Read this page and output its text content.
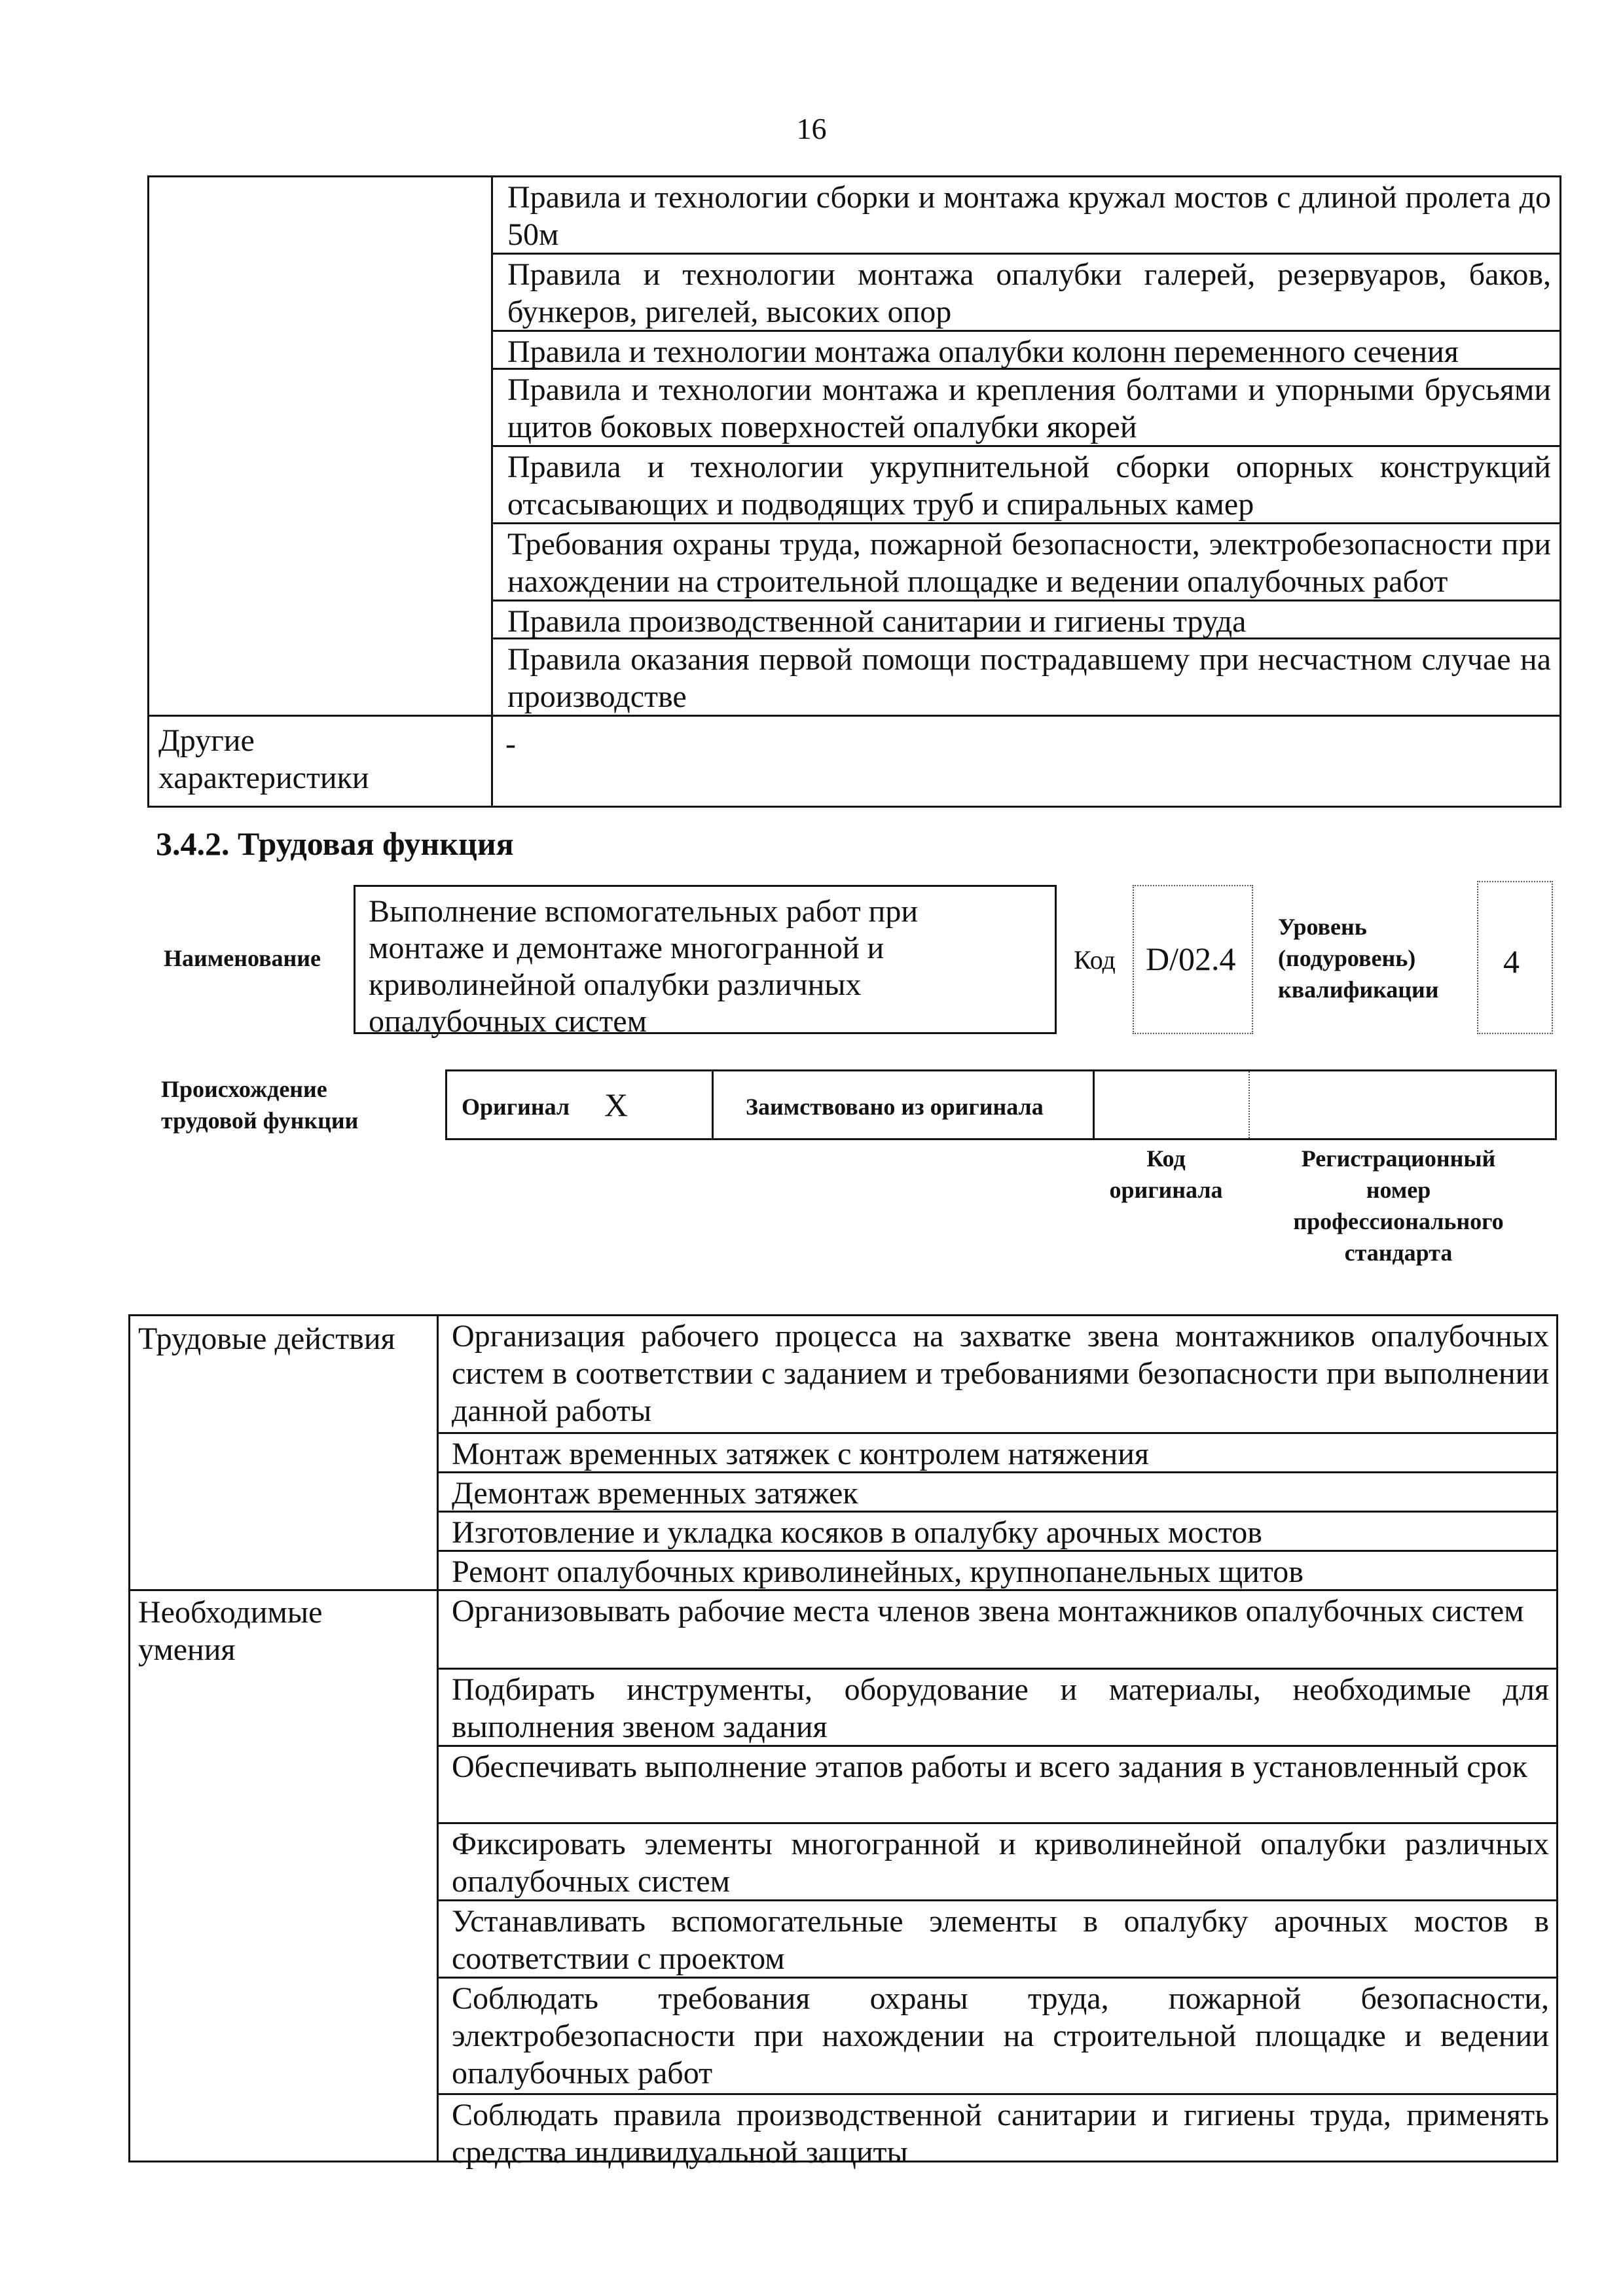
16
Правила и технологии сборки и монтажа кружал мостов с длиной пролета до 50м
Правила и технологии монтажа опалубки галерей, резервуаров, баков, бункеров, ригелей, высоких опор
Правила и технологии монтажа опалубки колонн переменного сечения
Правила и технологии монтажа и крепления болтами и упорными брусьями щитов боковых поверхностей опалубки якорей
Правила и технологии укрупнительной сборки опорных конструкций отсасывающих и подводящих труб и спиральных камер
Требования охраны труда, пожарной безопасности, электробезопасности при нахождении на строительной площадке и ведении опалубочных работ
Правила производственной санитарии и гигиены труда
Правила оказания первой помощи пострадавшему при несчастном случае на производстве
Другие характеристики
-
3.4.2. Трудовая функция
Наименование
Выполнение вспомогательных работ при монтаже и демонтаже многогранной и криволинейной опалубки различных опалубочных систем
Код D/02.4
Уровень (подуровень) квалификации
4
Происхождение трудовой функции
Оригинал X	Заимствовано из оригинала
Код оригинала
Регистрационный номер профессионального стандарта
Трудовые действия	Организация рабочего процесса на захватке звена монтажников опалубочных систем в соответствии с заданием и требованиями безопасности при выполнении данной работы
Монтаж временных затяжек с контролем натяжения
Демонтаж временных затяжек
Изготовление и укладка косяков в опалубку арочных мостов
Ремонт опалубочных криволинейных, крупнопанельных щитов
Необходимые умения
Организовывать рабочие места членов звена монтажников опалубочных систем
Подбирать инструменты, оборудование и материалы, необходимые для выполнения звеном задания
Обеспечивать выполнение этапов работы и всего задания в установленный срок
Фиксировать элементы многогранной и криволинейной опалубки различных опалубочных систем
Устанавливать вспомогательные элементы в опалубку арочных мостов в соответствии с проектом
Соблюдать требования охраны труда, пожарной безопасности, электробезопасности при нахождении на строительной площадке и ведении опалубочных работ
Соблюдать правила производственной санитарии и гигиены труда, применять средства индивидуальной защиты
